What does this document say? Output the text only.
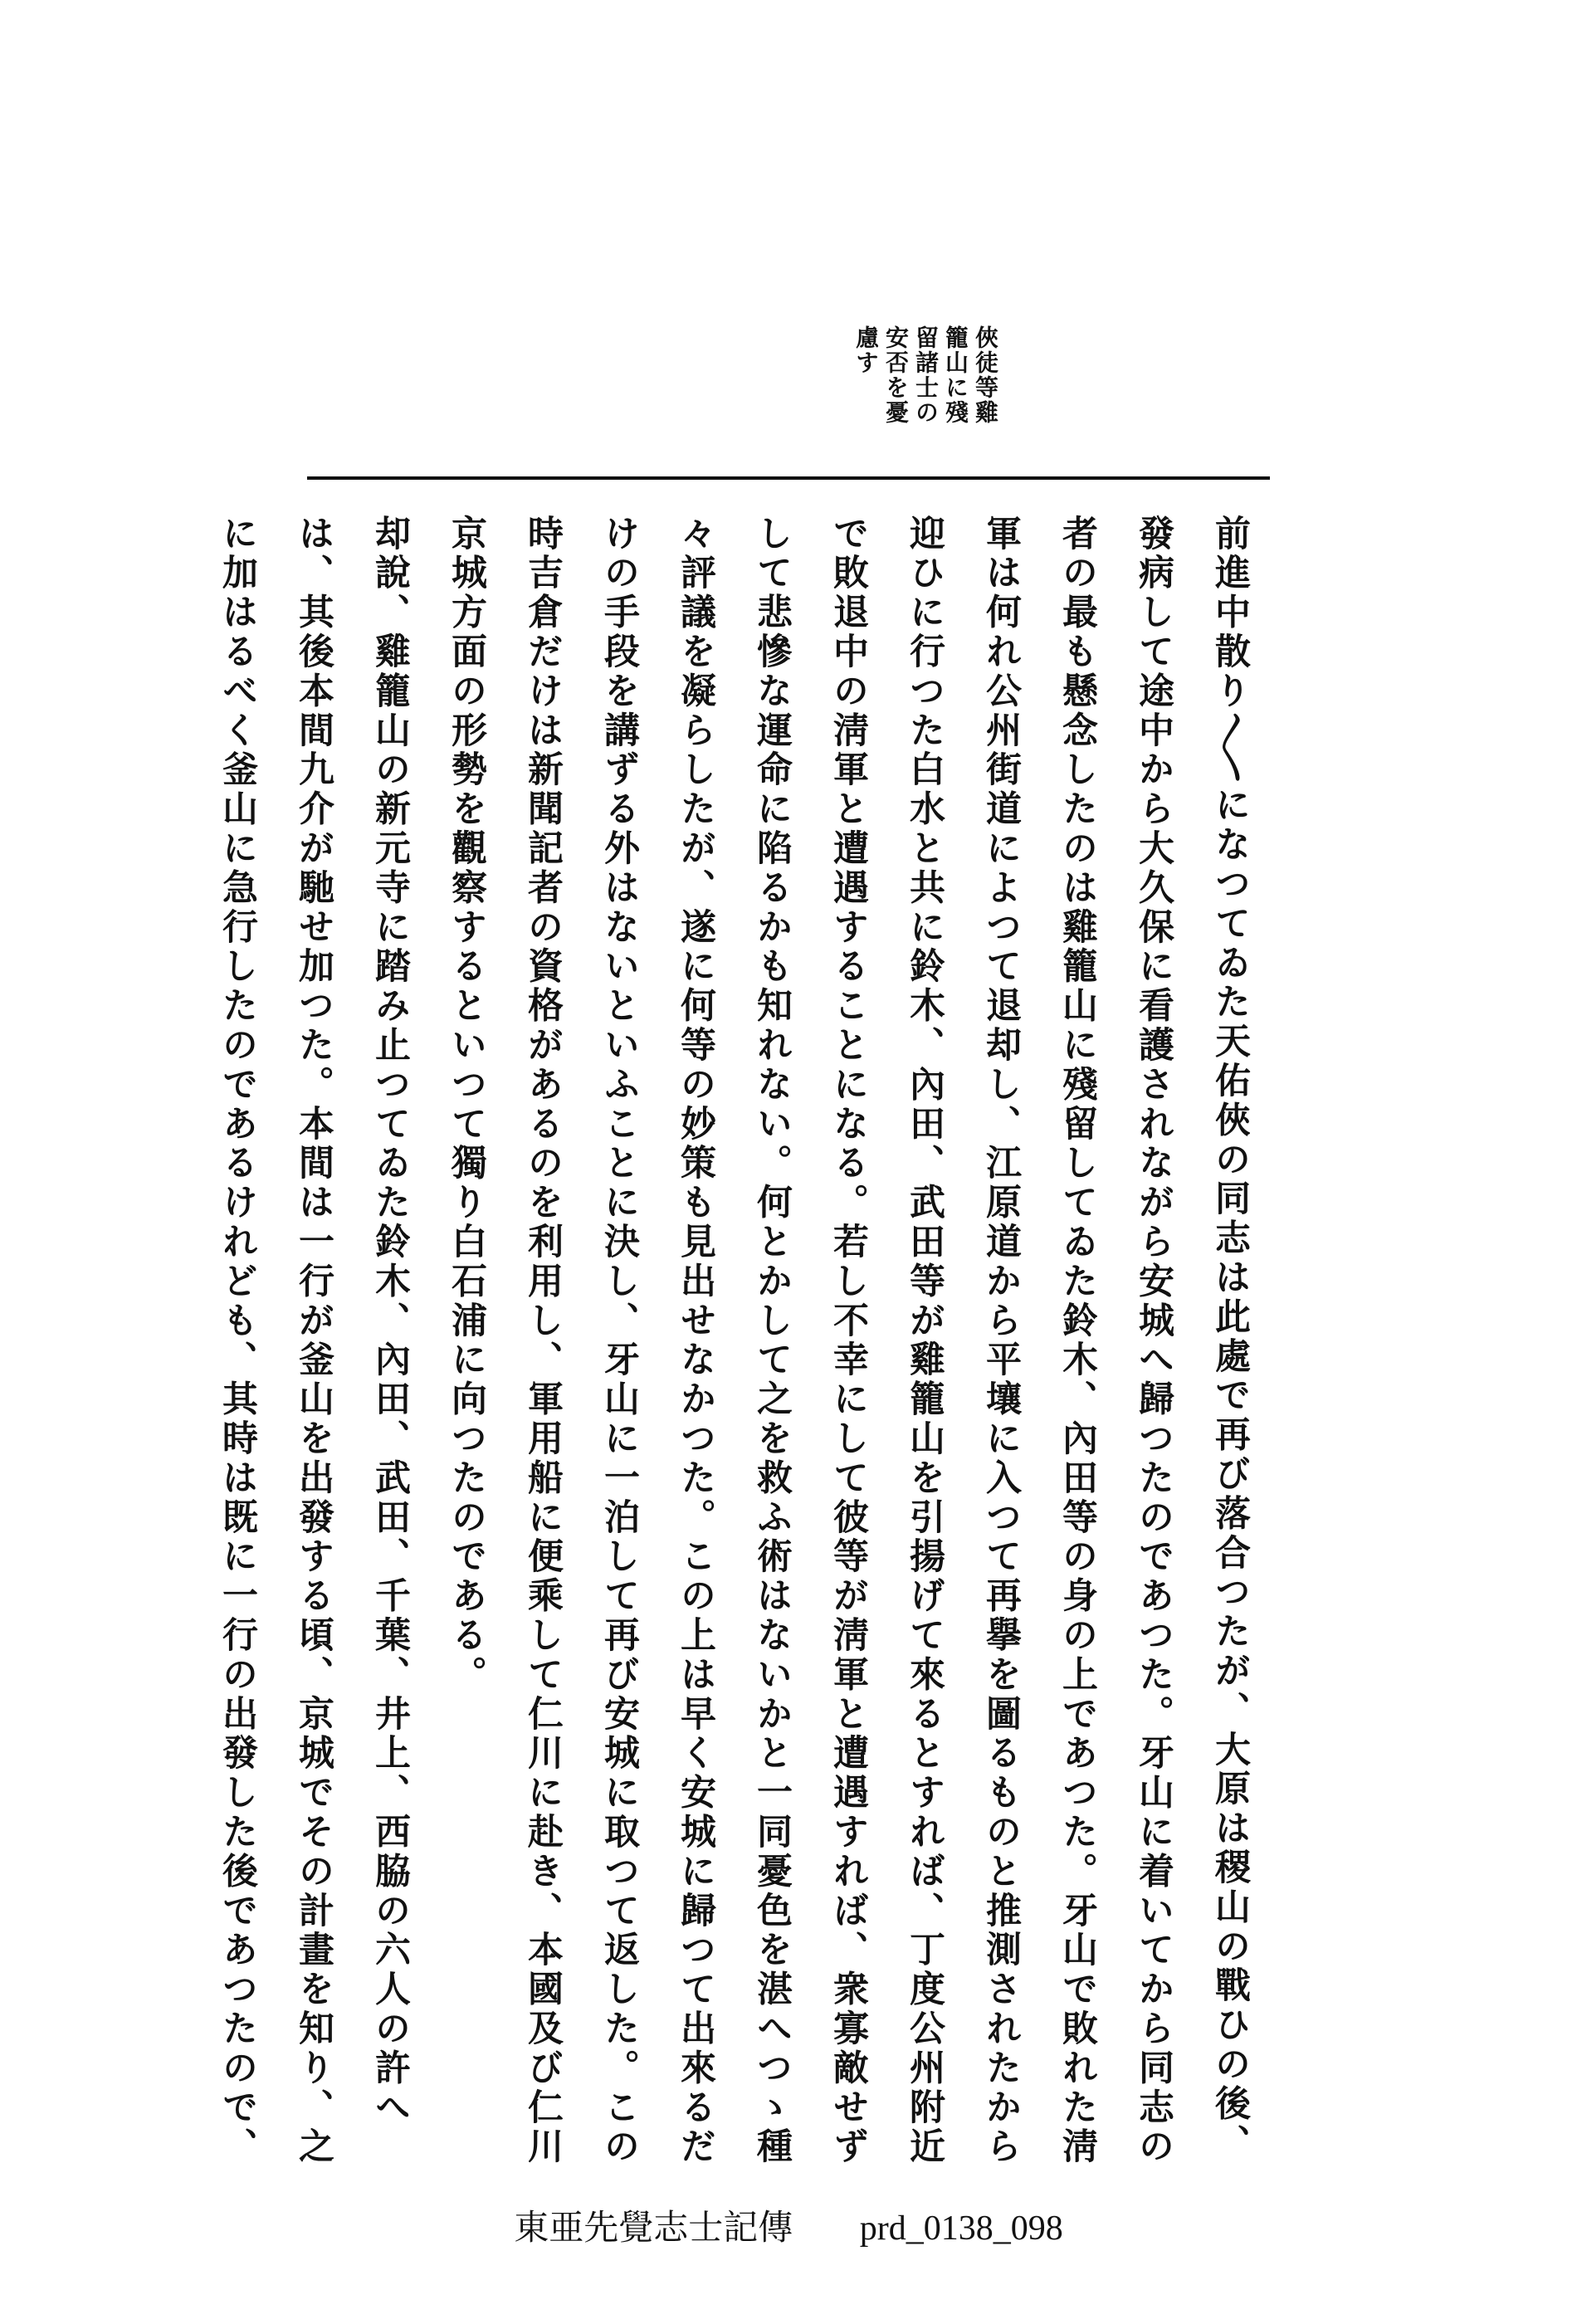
俠徒等雞
籠山に殘
留諸士の
安否を憂
慮す
前進中散り〳〵になつてゐた天佑俠の同志は此處で再び落合つたが、大原は稷山の戰ひの後、
發病して途中から大久保に看護されながら安城へ歸つたのであつた。牙山に着いてから同志の
者の最も懸念したのは雞籠山に殘留してゐた鈴木、內田等の身の上であつた。牙山で敗れた淸
軍は何れ公州街道によつて退却し、江原道から平壤に入つて再擧を圖るものと推測されたから
迎ひに行つた白水と共に鈴木、內田、武田等が雞籠山を引揚げて來るとすれば、丁度公州附近
で敗退中の淸軍と遭遇することになる。若し不幸にして彼等が淸軍と遭遇すれば、衆寡敵せず
して悲慘な運命に陷るかも知れない。何とかして之を救ふ術はないかと一同憂色を湛へつゝ種
々評議を凝らしたが、遂に何等の妙策も見出せなかつた。この上は早く安城に歸つて出來るだ
けの手段を講ずる外はないといふことに決し、牙山に一泊して再び安城に取つて返した。この
時吉倉だけは新聞記者の資格があるのを利用し、軍用船に便乘して仁川に赴き、本國及び仁川
京城方面の形勢を觀察するといつて獨り白石浦に向つたのである。
却說、雞籠山の新元寺に踏み止つてゐた鈴木、內田、武田、千葉、井上、西脇の六人の許へ
は、其後本間九介が馳せ加つた。本間は一行が釜山を出發する頃、京城でその計畫を知り、之
に加はるべく釜山に急行したのであるけれども、其時は既に一行の出發した後であつたので、
東亜先覺志士記傳 prd_0138_098
